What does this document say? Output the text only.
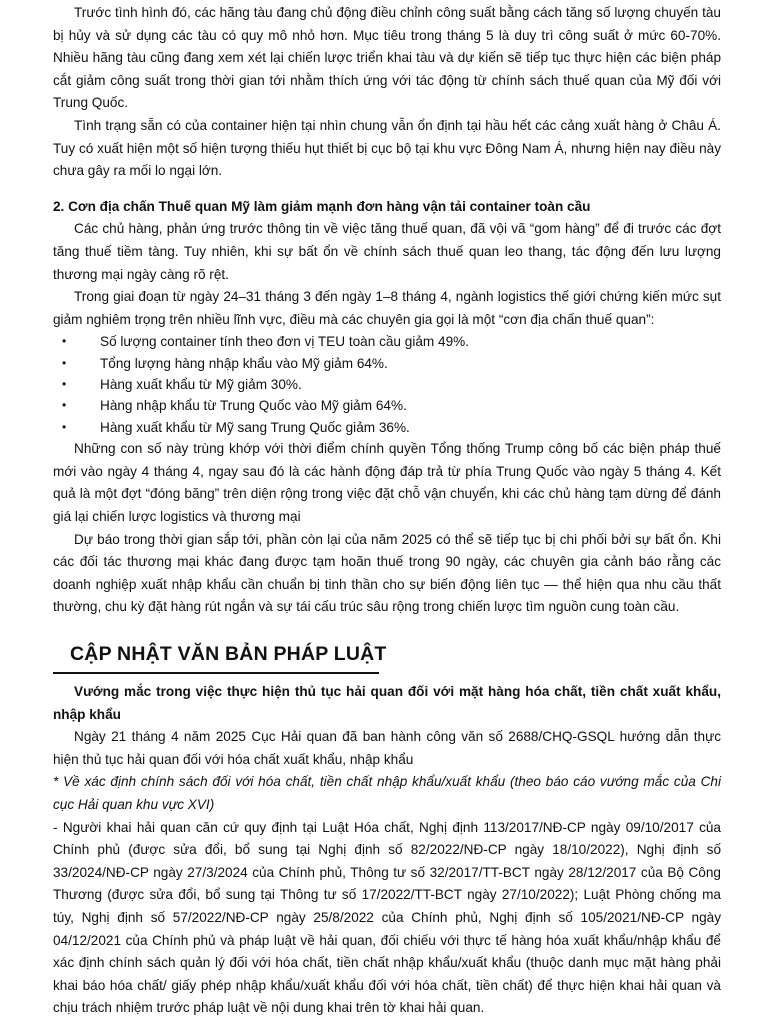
Trước tình hình đó, các hãng tàu đang chủ động điều chỉnh công suất bằng cách tăng số lượng chuyến tàu bị hủy và sử dụng các tàu có quy mô nhỏ hơn. Mục tiêu trong tháng 5 là duy trì công suất ở mức 60-70%. Nhiều hãng tàu cũng đang xem xét lại chiến lược triển khai tàu và dự kiến sẽ tiếp tục thực hiện các biện pháp cắt giảm công suất trong thời gian tới nhằm thích ứng với tác động từ chính sách thuế quan của Mỹ đối với Trung Quốc.

Tình trạng sẵn có của container hiện tại nhìn chung vẫn ổn định tại hầu hết các cảng xuất hàng ở Châu Á. Tuy có xuất hiện một số hiện tượng thiếu hụt thiết bị cục bộ tại khu vực Đông Nam Á, nhưng hiện nay điều này chưa gây ra mối lo ngại lớn.

2. Cơn địa chấn Thuế quan Mỹ làm giảm mạnh đơn hàng vận tải container toàn cầu

Các chủ hàng, phản ứng trước thông tin về việc tăng thuế quan, đã vội vã “gom hàng” để đi trước các đợt tăng thuế tiềm tàng. Tuy nhiên, khi sự bất ổn về chính sách thuế quan leo thang, tác động đến lưu lượng thương mại ngày càng rõ rệt.

Trong giai đoạn từ ngày 24–31 tháng 3 đến ngày 1–8 tháng 4, ngành logistics thế giới chứng kiến mức sụt giảm nghiêm trọng trên nhiều lĩnh vực, điều mà các chuyên gia gọi là một “cơn địa chấn thuế quan”:

• Số lượng container tính theo đơn vị TEU toàn cầu giảm 49%.
• Tổng lượng hàng nhập khẩu vào Mỹ giảm 64%.
• Hàng xuất khẩu từ Mỹ giảm 30%.
• Hàng nhập khẩu từ Trung Quốc vào Mỹ giảm 64%.
• Hàng xuất khẩu từ Mỹ sang Trung Quốc giảm 36%.

Những con số này trùng khớp với thời điểm chính quyền Tổng thống Trump công bố các biện pháp thuế mới vào ngày 4 tháng 4, ngay sau đó là các hành động đáp trả từ phía Trung Quốc vào ngày 5 tháng 4. Kết quả là một đợt “đóng băng” trên diện rộng trong việc đặt chỗ vận chuyển, khi các chủ hàng tạm dừng để đánh giá lại chiến lược logistics và thương mại

Dự báo trong thời gian sắp tới, phần còn lại của năm 2025 có thể sẽ tiếp tục bị chi phối bởi sự bất ổn. Khi các đối tác thương mại khác đang được tạm hoãn thuế trong 90 ngày, các chuyên gia cảnh báo rằng các doanh nghiệp xuất nhập khẩu cần chuẩn bị tinh thần cho sự biến động liên tục — thể hiện qua nhu cầu thất thường, chu kỳ đặt hàng rút ngắn và sự tái cấu trúc sâu rộng trong chiến lược tìm nguồn cung toàn cầu.

CẬP NHẬT VĂN BẢN PHÁP LUẬT

Vướng mắc trong việc thực hiện thủ tục hải quan đối với mặt hàng hóa chất, tiền chất xuất khẩu, nhập khẩu

Ngày 21 tháng 4 năm 2025 Cục Hải quan đã ban hành công văn số 2688/CHQ-GSQL hướng dẫn thực hiện thủ tục hải quan đối với hóa chất xuất khẩu, nhập khẩu

* Về xác định chính sách đối với hóa chất, tiền chất nhập khẩu/xuất khẩu (theo báo cáo vướng mắc của Chi cục Hải quan khu vực XVI)

- Người khai hải quan căn cứ quy định tại Luật Hóa chất, Nghị định 113/2017/NĐ-CP ngày 09/10/2017 của Chính phủ (được sửa đổi, bổ sung tại Nghị định số 82/2022/NĐ-CP ngày 18/10/2022), Nghị định số 33/2024/NĐ-CP ngày 27/3/2024 của Chính phủ, Thông tư số 32/2017/TT-BCT ngày 28/12/2017 của Bộ Công Thương (được sửa đổi, bổ sung tại Thông tư số 17/2022/TT-BCT ngày 27/10/2022); Luật Phòng chống ma túy, Nghị định số 57/2022/NĐ-CP ngày 25/8/2022 của Chính phủ, Nghị định số 105/2021/NĐ-CP ngày 04/12/2021 của Chính phủ và pháp luật về hải quan, đối chiếu với thực tế hàng hóa xuất khẩu/nhập khẩu để xác định chính sách quản lý đối với hóa chất, tiền chất nhập khẩu/xuất khẩu (thuộc danh mục mặt hàng phải khai báo hóa chất/ giấy phép nhập khẩu/xuất khẩu đối với hóa chất, tiền chất) để thực hiện khai hải quan và chịu trách nhiệm trước pháp luật về nội dung khai trên tờ khai hải quan.
